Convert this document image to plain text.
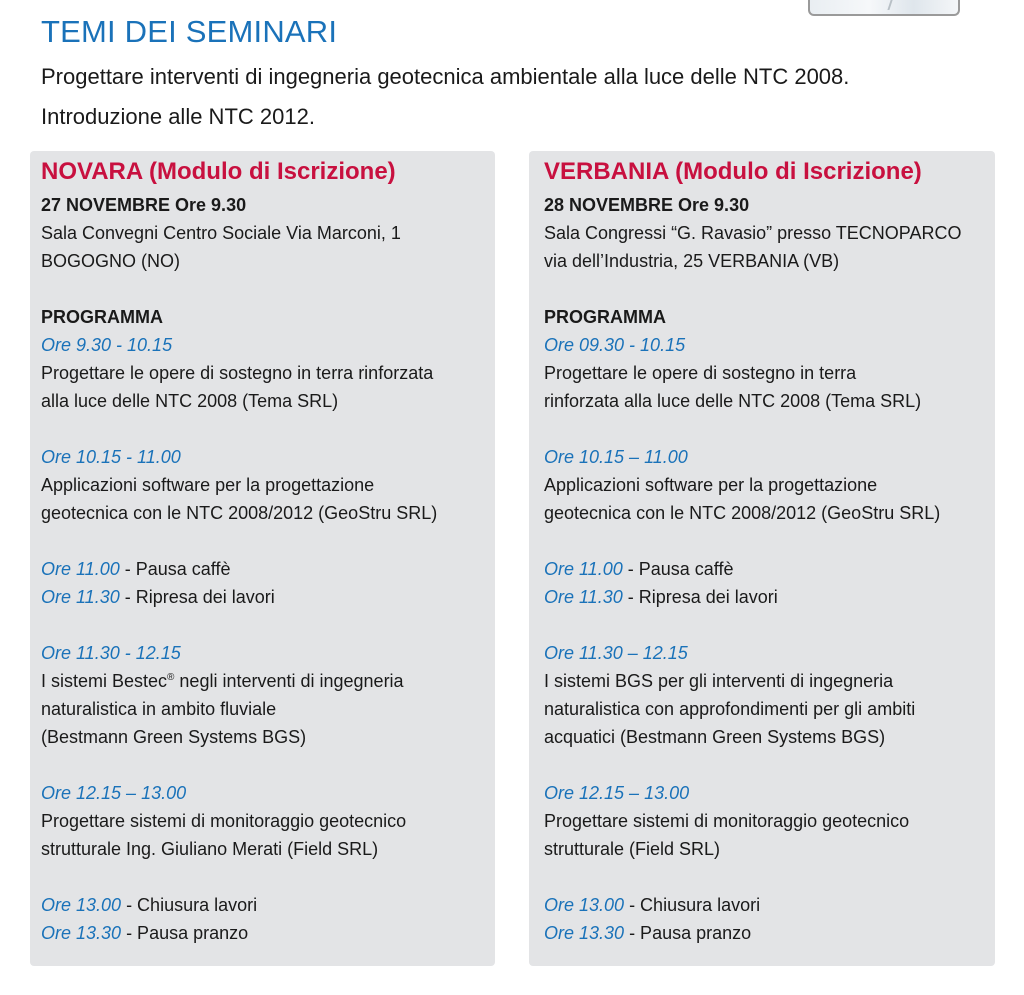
TEMI DEI SEMINARI

Progettare interventi di ingegneria geotecnica ambientale alla luce delle NTC 2008.

Introduzione alle NTC 2012.

NOVARA (Modulo di Iscrizione)

27 NOVEMBRE Ore 9.30

Sala Convegni Centro Sociale Via Marconi, 1

BOGOGNO (NO)

PROGRAMMA

Ore 9.30 - 10.15

Progettare le opere di sostegno in terra rinforzata

alla luce delle NTC 2008 (Tema SRL)

Ore 10.15 - 11.00

Applicazioni software per la progettazione

geotecnica con le NTC 2008/2012 (GeoStru SRL)

Ore 11.00 - Pausa caffè

Ore 11.30 - Ripresa dei lavori

Ore 11.30 - 12.15

I sistemi Bestec® negli interventi di ingegneria

naturalistica in ambito fluviale

(Bestmann Green Systems BGS)

Ore 12.15 – 13.00

Progettare sistemi di monitoraggio geotecnico

strutturale Ing. Giuliano Merati (Field SRL)

Ore 13.00 - Chiusura lavori

Ore 13.30 - Pausa pranzo

VERBANIA (Modulo di Iscrizione)

28 NOVEMBRE Ore 9.30

Sala Congressi “G. Ravasio” presso TECNOPARCO

via dell’Industria, 25 VERBANIA (VB)

PROGRAMMA

Ore 09.30 - 10.15

Progettare le opere di sostegno in terra

rinforzata alla luce delle NTC 2008 (Tema SRL)

Ore 10.15 – 11.00

Applicazioni software per la progettazione

geotecnica con le NTC 2008/2012 (GeoStru SRL)

Ore 11.00 - Pausa caffè

Ore 11.30 - Ripresa dei lavori

Ore 11.30 – 12.15

I sistemi BGS per gli interventi di ingegneria

naturalistica con approfondimenti per gli ambiti

acquatici (Bestmann Green Systems BGS)

Ore 12.15 – 13.00

Progettare sistemi di monitoraggio geotecnico

strutturale (Field SRL)

Ore 13.00 - Chiusura lavori

Ore 13.30 - Pausa pranzo
